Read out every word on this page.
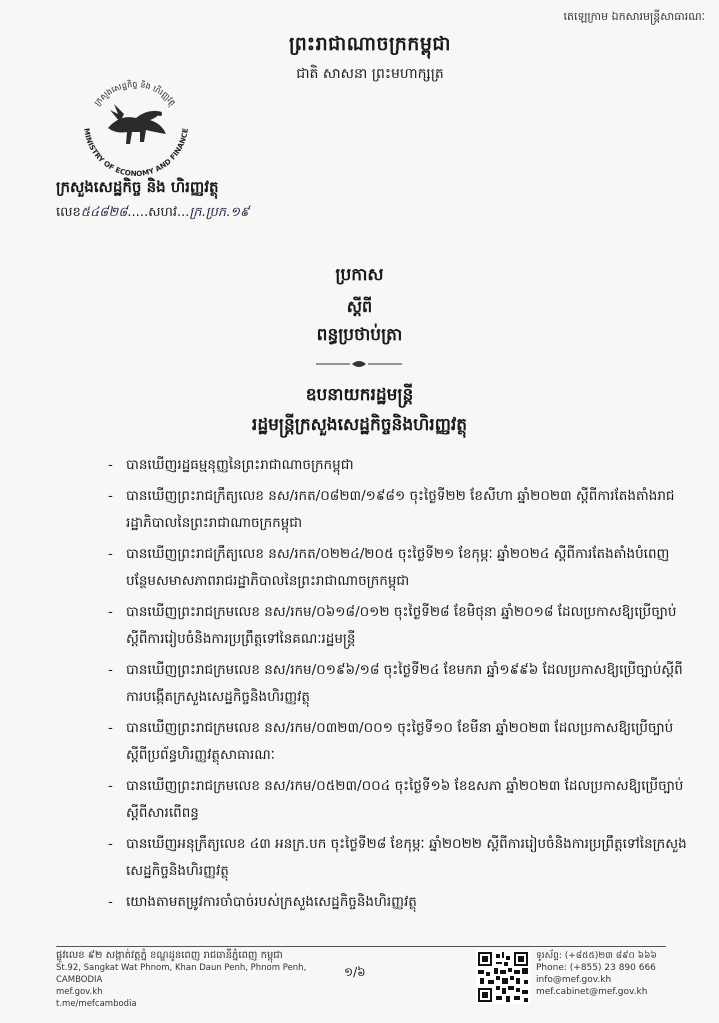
តេឡេក្រាម ឯកសារមន្ត្រីសាធារណៈ
ព្រះរាជាណាចក្រកម្ពុជា
ជាតិ សាសនា ព្រះមហាក្សត្រ
ក្រសួងសេដ្ឋកិច្ច និង ហិរញ្ញវត្ថុ
MINISTRY OF ECONOMY AND FINANCE
ក្រសួងសេដ្ឋកិច្ច និង ហិរញ្ញវត្ថុ
លេខ៥៤៨២៨.....សហវ...ក្រ.ប្រក.១៩
ប្រកាស
ស្តីពី
ពន្ធប្រថាប់ត្រា
ឧបនាយករដ្ឋមន្ត្រី
រដ្ឋមន្ត្រីក្រសួងសេដ្ឋកិច្ចនិងហិរញ្ញវត្ថុ
- បានឃើញរដ្ឋធម្មនុញ្ញនៃព្រះរាជាណាចក្រកម្ពុជា
- បានឃើញព្រះរាជក្រឹត្យលេខ នស/រកត/០៨២៣/១៩៨១ ចុះថ្ងៃទី២២ ខែសីហា ឆ្នាំ២០២៣ ស្តីពីការតែងតាំងរាជរដ្ឋាភិបាលនៃព្រះរាជាណាចក្រកម្ពុជា
- បានឃើញព្រះរាជក្រឹត្យលេខ នស/រកត/០២២៤/២០៥ ចុះថ្ងៃទី២១ ខែកុម្ភៈ ឆ្នាំ២០២៤ ស្តីពីការតែងតាំងបំពេញបន្ថែមសមាសភាពរាជរដ្ឋាភិបាលនៃព្រះរាជាណាចក្រកម្ពុជា
- បានឃើញព្រះរាជក្រមលេខ នស/រកម/០៦១៨/០១២ ចុះថ្ងៃទី២៨ ខែមិថុនា ឆ្នាំ២០១៨ ដែលប្រកាសឱ្យប្រើច្បាប់ស្តីពីការរៀបចំនិងការប្រព្រឹត្តទៅនៃគណៈរដ្ឋមន្ត្រី
- បានឃើញព្រះរាជក្រមលេខ នស/រកម/០១៩៦/១៨ ចុះថ្ងៃទី២៤ ខែមករា ឆ្នាំ១៩៩៦ ដែលប្រកាសឱ្យប្រើច្បាប់ស្តីពីការបង្កើតក្រសួងសេដ្ឋកិច្ចនិងហិរញ្ញវត្ថុ
- បានឃើញព្រះរាជក្រមលេខ នស/រកម/០៣២៣/០០១ ចុះថ្ងៃទី១០ ខែមីនា ឆ្នាំ២០២៣ ដែលប្រកាសឱ្យប្រើច្បាប់ស្តីពីប្រព័ន្ធហិរញ្ញវត្ថុសាធារណៈ
- បានឃើញព្រះរាជក្រមលេខ នស/រកម/០៥២៣/០០៤ ចុះថ្ងៃទី១៦ ខែឧសភា ឆ្នាំ២០២៣ ដែលប្រកាសឱ្យប្រើច្បាប់ស្តីពីសារពើពន្ធ
- បានឃើញអនុក្រឹត្យលេខ ៤៣ អនក្រ.បក ចុះថ្ងៃទី២៨ ខែកុម្ភៈ ឆ្នាំ២០២២ ស្តីពីការរៀបចំនិងការប្រព្រឹត្តទៅនៃក្រសួងសេដ្ឋកិច្ចនិងហិរញ្ញវត្ថុ
- យោងតាមតម្រូវការចាំបាច់របស់ក្រសួងសេដ្ឋកិច្ចនិងហិរញ្ញវត្ថុ
ផ្លូវលេខ ៩២ សង្កាត់វត្តភ្នំ ខណ្ឌដូនពេញ រាជធានីភ្នំពេញ កម្ពុជា
St.92, Sangkat Wat Phnom, Khan Daun Penh, Phnom Penh, CAMBODIA
mef.gov.kh
t.me/mefcambodia
១/៦
ទូរស័ព្ទ: (+៨៥៥)២៣ ៨៩០ ៦៦៦
Phone: (+855) 23 890 666
info@mef.gov.kh
mef.cabinet@mef.gov.kh
